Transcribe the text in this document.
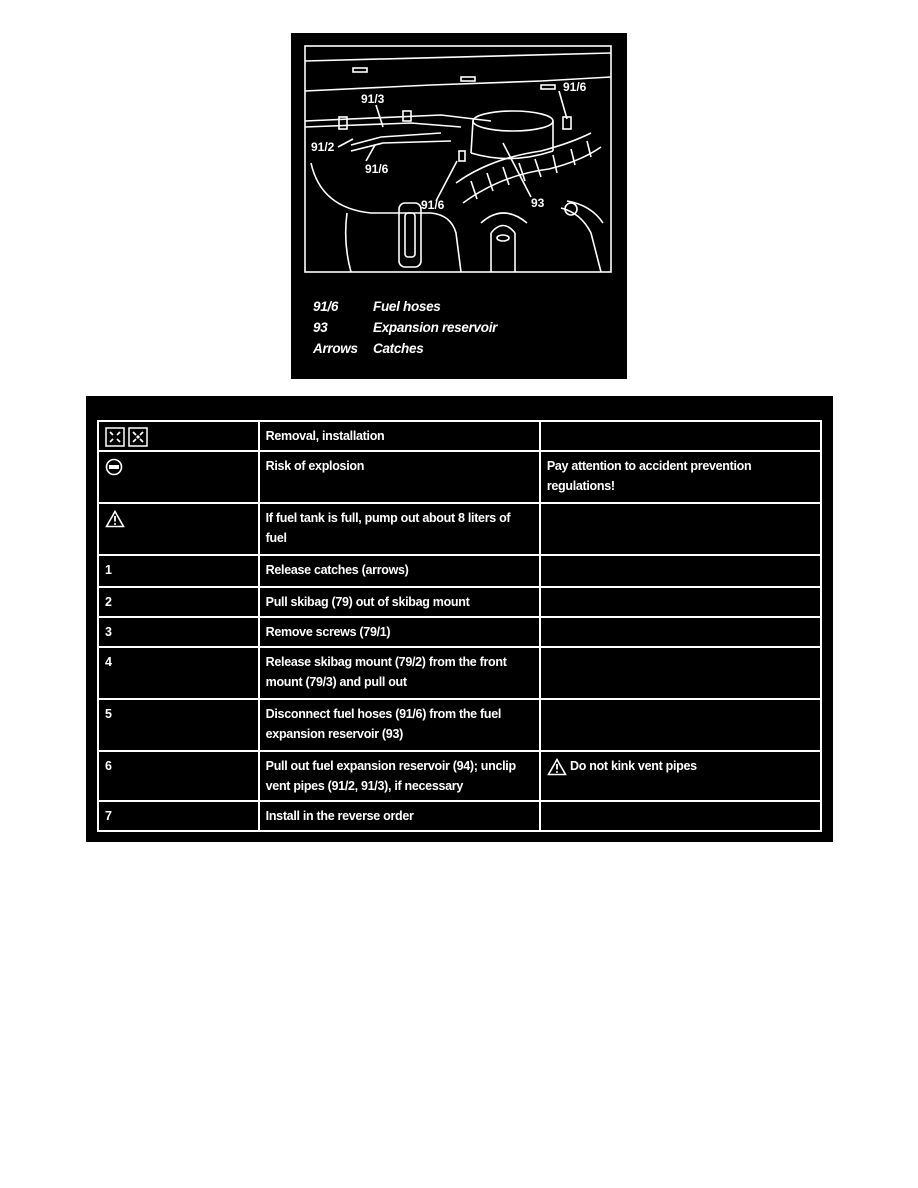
91/3
91/6
91/2
91/6
91/6	93
91/6	Fuel hoses
93	Expansion reservoir
Arrows	Catches
	Removal, installation	
	Risk of explosion	Pay attention to accident prevention regulations!
	If fuel tank is full, pump out about 8 liters of fuel	
1	Release catches (arrows)	
2	Pull skibag (79) out of skibag mount	
3	Remove screws (79/1)	
4	Release skibag mount (79/2) from the front mount (79/3) and pull out	
5	Disconnect fuel hoses (91/6) from the fuel expansion reservoir (93)	
6	Pull out fuel expansion reservoir (94); unclip vent pipes (91/2, 91/3), if necessary	Do not kink vent pipes
7	Install in the reverse order	
